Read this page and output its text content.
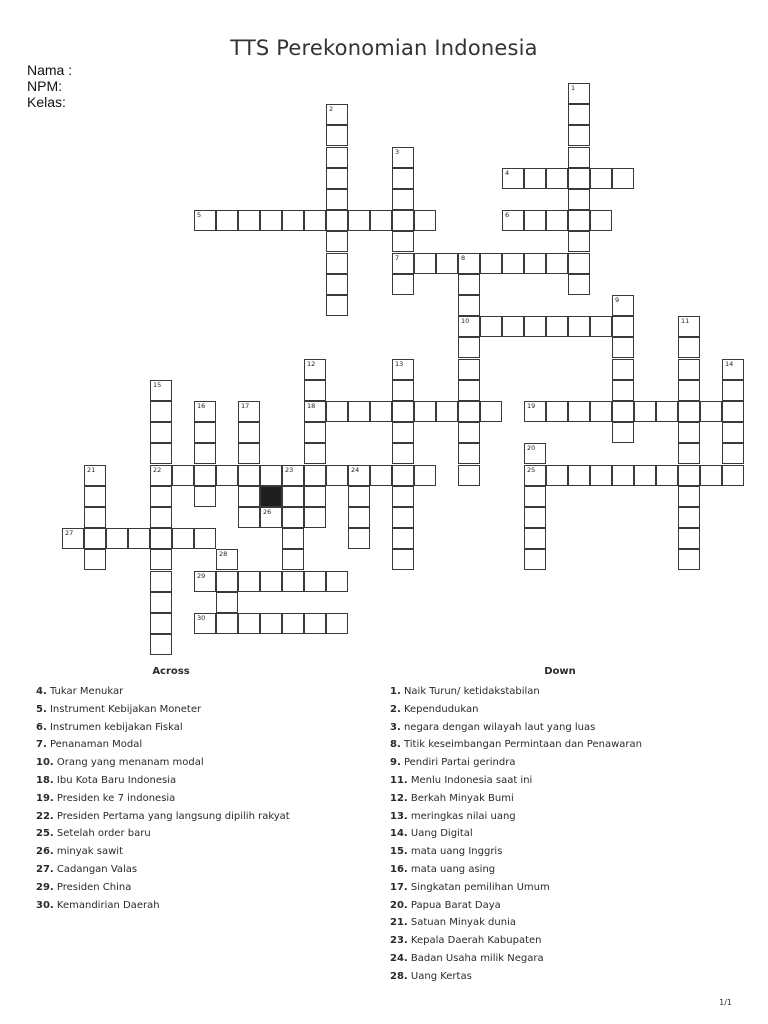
TTS Perekonomian Indonesia
Nama :
NPM:
Kelas:
1
2
3
7
4
5	6
8
10
9
11
12
18
13	14
15
22
16	17	19
20
25
21	23	24
26
27
28
29
30
Across
4. Tukar Menukar
5. Instrument Kebijakan Moneter
6. Instrumen kebijakan Fiskal
7. Penanaman Modal
10. Orang yang menanam modal
18. Ibu Kota Baru Indonesia
19. Presiden ke 7 indonesia
22. Presiden Pertama yang langsung dipilih rakyat
25. Setelah order baru
26. minyak sawit
27. Cadangan Valas
29. Presiden China
30. Kemandirian Daerah
Down
1. Naik Turun/ ketidakstabilan
2. Kependudukan
3. negara dengan wilayah laut yang luas
8. Titik keseimbangan Permintaan dan Penawaran
9. Pendiri Partai gerindra
11. Menlu Indonesia saat ini
12. Berkah Minyak Bumi
13. meringkas nilai uang
14. Uang Digital
15. mata uang Inggris
16. mata uang asing
17. Singkatan pemilihan Umum
20. Papua Barat Daya
21. Satuan Minyak dunia
23. Kepala Daerah Kabupaten
24. Badan Usaha milik Negara
28. Uang Kertas
1/1
